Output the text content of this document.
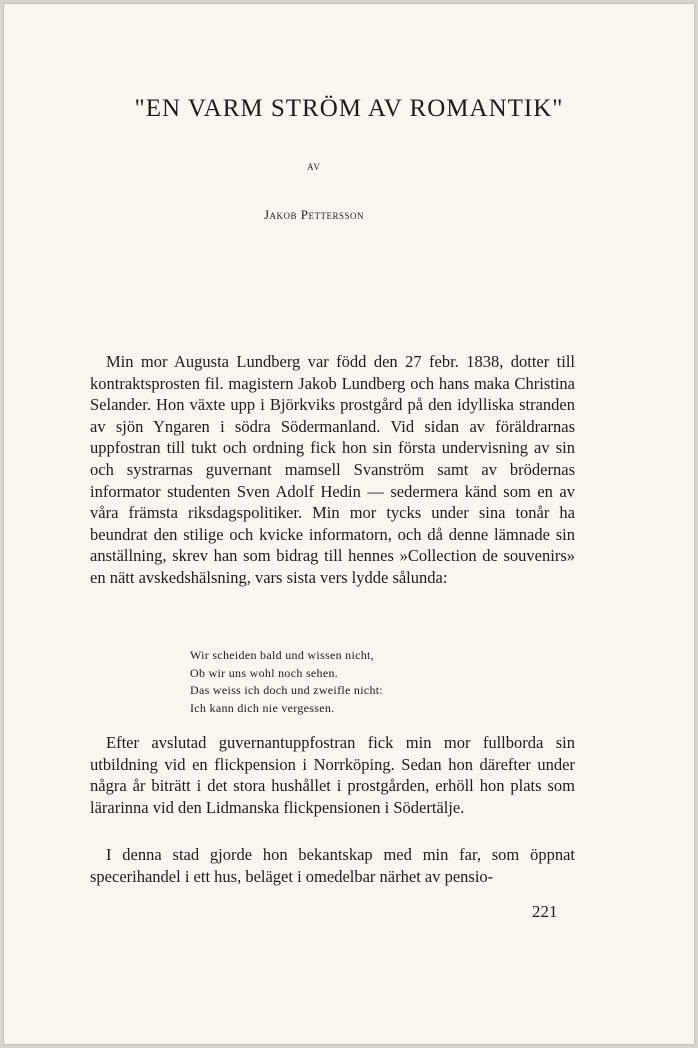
"EN VARM STRÖM AV ROMANTIK"
AV
Jakob Pettersson

Min mor Augusta Lundberg var född den 27 febr. 1838, dotter till kontraktsprosten fil. magistern Jakob Lundberg och hans maka Christina Selander. Hon växte upp i Björkviks prostgård på den idylliska stranden av sjön Yngaren i södra Södermanland. Vid sidan av föräldrarnas uppfostran till tukt och ordning fick hon sin första undervisning av sin och systrarnas guvernant mamsell Svanström samt av brödernas informator studenten Sven Adolf Hedin — sedermera känd som en av våra främsta riksdagspolitiker. Min mor tycks under sina tonår ha beundrat den stilige och kvicke informatorn, och då denne lämnade sin anställning, skrev han som bidrag till hennes »Collection de souvenirs» en nätt avskedshälsning, vars sista vers lydde sålunda:

Wir scheiden bald und wissen nicht,
Ob wir uns wohl noch sehen.
Das weiss ich doch und zweifle nicht:
Ich kann dich nie vergessen.

Efter avslutad guvernantuppfostran fick min mor fullborda sin utbildning vid en flickpension i Norrköping. Sedan hon därefter under några år biträtt i det stora hushållet i prostgården, erhöll hon plats som lärarinna vid den Lidmanska flickpensionen i Södertälje.

I denna stad gjorde hon bekantskap med min far, som öppnat specerihandel i ett hus, beläget i omedelbar närhet av pensio-

221
